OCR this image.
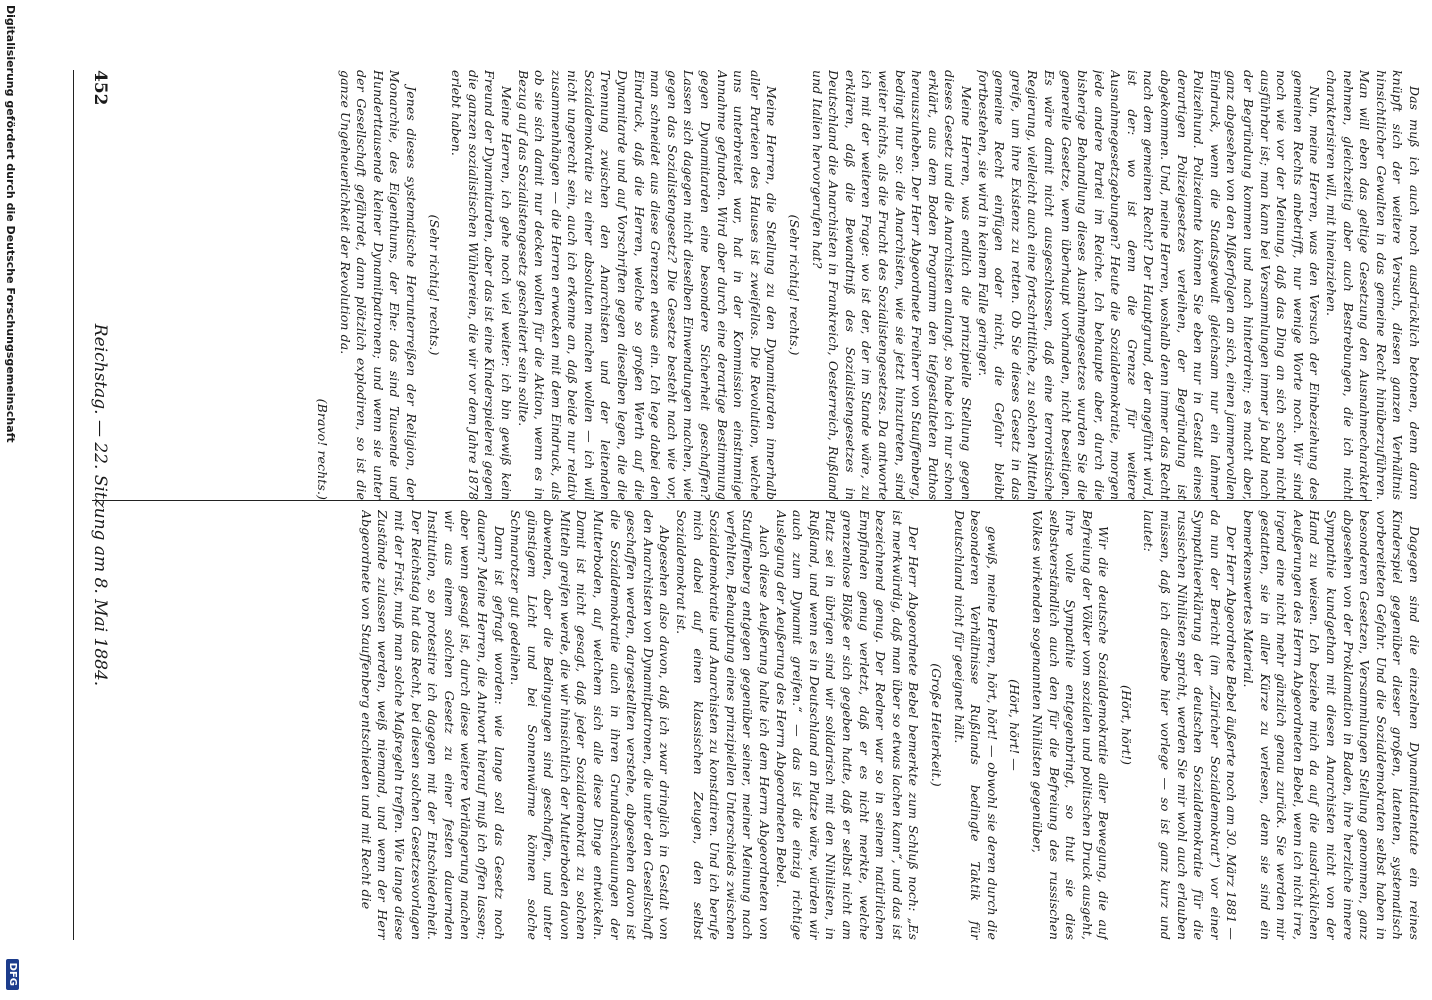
Das muß ich auch noch ausdrücklich betonen, denn daran knüpft sich der weitere Versuch, diesen ganzen Verhältnis hinsichtlicher Gewalten in das gemeine Recht hinüberzuführen. Man will eben das geltige Gesetzung den Ausnahmecharakter nehmen, gleichzeitig aber auch Bestrebungen, die ich nicht charakterisiren will, mit hineinziehen.

Nun, meine Herren, was den Versuch der Einbeziehung des gemeinen Rechts anbetrifft, nur wenige Worte noch. Wir sind noch wie vor der Meinung, daß das Ding an sich schon nicht ausführbar ist; man kann bei Versammlungen immer ja bald nach der Begründung kommen und nach hinterdrein; es macht aber, ganz abgesehen von den Mißerfolgen an sich, einen jammervollen Eindruck, wenn die Staatsgewalt gleichsam nur ein lahmer Polizeihund. Polizeiamte können Sie eben nur in Gestalt eines derartigen Polizeigesetzes verleihen, der Begründung ist abgekommen. Und, meine Herren, woshalb denn immer das Recht nach dem gemeinen Recht? Der Hauptgrund, der angeführt wird, ist der: wo ist denn die Grenze für weitere Ausnahmegesetzgebungen? Heute die Sozialdemokratie, morgen jede andere Partei im Reiche. Ich behaupte aber, durch die bisherige Behandlung dieses Ausnahmegesetzes wurden Sie die generelle Gesetze, wenn überhaupt vorhanden, nicht beseitigen. Es wäre damit nicht ausgeschlossen, daß eine terroristische Regierung, vielleicht auch eine fortschrittliche, zu solchen Mitteln greife, um ihre Existenz zu retten. Ob Sie dieses Gesetz in das gemeine Recht einfügen oder nicht, die Gefahr bleibt fortbestehen, sie wird in keinem Falle geringer.

Meine Herren, was endlich die prinzipielle Stellung gegen dieses Gesetz und die Anarchisten anlangt, so habe ich nur schon erklärt, aus dem Boden Programm den tiefgestalteten Pathos herauszuheben. Der Herr Abgeordnete Freiherr von Stauffenberg, bedingt nur so: die Anarchisten, wie sie jetzt hinzutreten, sind weiter nichts, als die Frucht des Sozialistengesetzes. Da antworte ich mit der weiteren Frage: wo ist der, der im Stande wäre, zu erklären, daß die Bewandtniß des Sozialistengesetzes in Deutschland die Anarchisten in Frankreich, Oesterreich, Rußland und Italien hervorgerufen hat?

(Sehr richtig! rechts.)

Meine Herren, die Stellung zu den Dynamitarden innerhalb aller Parteien des Hauses ist zweifellos. Die Revolution, welche uns unterbreitet war, hat in der Kommission einstimmige Annahme gefunden. Wird aber durch eine derartige Bestimmung gegen Dynamitarden eine besondere Sicherheit geschaffen? Lassen sich dagegen nicht dieselben Einwendungen machen, wie gegen das Sozialistengesetz? Die Gesetze besteht nach wie vor, man schneidet aus diese Grenzen etwas ein. Ich lege dabei den Eindruck, daß die Herren, welche so großen Werth auf die Dynamitarde und auf Vorschriften gegen dieselben legen, die die Trennung zwischen den Anarchisten und der leitenden Sozialdemokratie zu einer absoluten machen wollen — ich will nicht ungerecht sein, auch ich erkenne an, daß beide nur relativ zusammenhängen — die Herren erwecken mit dem Eindruck, als ob sie sich damit nur decken wollen für die Aktion, wenn es in Bezug auf das Sozialistengesetz gescheitert sein sollte.

Meine Herren, ich gehe noch viel weiter: ich bin gewiß kein Freund der Dynamitarden, aber das ist eine Kinderspielerei gegen die ganzen sozialistischen Wühlereien, die wir vor dem Jahre 1878 erlebt haben.

(Sehr richtig! rechts.)

Jenes dieses systematische Herunterreißen der Religion, der Monarchie, des Eigenthums, der Ehe: das sind Tausende und Hunderttausende kleiner Dynamitpatronen; und wenn sie unter der Gesellschaft gefährdet, dann plötzlich explodiren, so ist die ganze Ungeheuerlichkeit der Revolution da.

(Bravo! rechts.)

Dagegen sind die einzelnen Dynamitattentate ein reines Kinderspiel gegenüber dieser großen, latenten, systematisch vorbereiteten Gefahr. Und die Sozialdemokraten selbst haben in besonderen Gesetzen, Versammlungen Stellung genommen, ganz abgesehen von der Proklamation in Baden, ihre herzliche innere Sympathie kundgethan mit diesen Anarchisten nicht von der Hand zu weisen. Ich beziehe mich da auf die ausdrücklichen Aeußerungen des Herrn Abgeordneten Bebel, wenn ich nicht irre, irgend eine nicht mehr gänzlich genau zurück. Sie werden mir gestatten, sie in aller Kürze zu verlesen, denn sie sind ein bemerkenswertes Material.

Der Herr Abgeordnete Bebel äußerte noch am 30. März 1881 — da nun der Bericht (im „Züricher Sozialdemokrat“) vor einer Sympathieerklärung der deutschen Sozialdemokratie für die russischen Nihilisten spricht, werden Sie mir wohl auch erlauben müssen, daß ich dieselbe hier vorlege — so ist ganz kurz und lautet:

(Hört, hört!)

Wir die deutsche Sozialdemokratie aller Bewegung, die auf Befreiung der Völker vom sozialen und politischen Druck ausgeht, ihre volle Sympathie entgegenbringt, so thut sie dies selbstverständlich auch den für die Befreiung des russischen Volkes wirkenden sogenannten Nihilisten gegenüber,

(Hört, hört! —

gewiß, meine Herren, hört, hört! — obwohl sie deren durch die besonderen Verhältnisse Rußlands bedingte Taktik für Deutschland nicht für geeignet hält.

(Große Heiterkeit.)

Der Herr Abgeordnete Bebel bemerkte zum Schluß noch: „Es ist merkwürdig, daß man über so etwas lachen kann“, und das ist bezeichnend genug. Der Redner war so in seinem natürlichen Empfinden genug verletzt, daß er es nicht merkte, welche grenzenlose Blöße er sich gegeben hatte, daß er selbst nicht am Platz sei in übrigen sind wir solidarisch mit den Nihilisten, in Rußland, und wenn es in Deutschland an Platze wäre, würden wir auch zum Dynamit greifen.“ — das ist die einzig richtige Auslegung der Aeußerung des Herrn Abgeordneten Bebel.

Auch diese Aeußerung halte ich dem Herrn Abgeordneten von Stauffenberg entgegen gegenüber seiner, meiner Meinung nach verfehlten, Behauptung eines prinzipiellen Unterschieds zwischen Sozialdemokratie und Anarchisten zu konstatiren. Und ich berufe mich dabei auf einen klassischen Zeugen, den selbst Sozialdemokrat ist.

Abgesehen also davon, daß ich zwar dringlich in Gestalt von den Anarchisten von Dynamitpatronen, die unter den Gesellschaft geschaffen werden, dargestellten verstehe, abgesehen davon ist die Sozialdemokratie auch in ihren Grundanschauungen der Mutterboden, auf welchem sich alle diese Dinge entwickeln. Damit ist nicht gesagt, daß jeder Sozialdemokrat zu solchen Mitteln greifen werde, die wir hinsichtlich der Mutterboden davon abwenden, aber die Bedingungen sind geschaffen, und unter günstigem Licht und bei Sonnenwärme können solche Schmarotzer gut gedeihen.

Dann ist gefragt worden: wie lange soll das Gesetz noch dauern? Meine Herren, die Antwort hierauf muß ich offen lassen; aber wenn gesagt ist, durch diese weitere Verlängerung machen wir aus einem solchen Gesetz zu einer festen dauernden Institution, so protestire ich dagegen mit der Entschiedenheit. Der Reichstag hat das Recht, bei diesen solchen Gesetzesvorlagen mit der Frist, muß man solche Maßregeln treffen. Wie lange diese Zustände zulassen werden, weiß niemand, und wenn der Herr Abgeordnete von Stauffenberg entschieden und mit Recht die

452
Reichstag. — 22. Sitzung am 8. Mai 1884.
Digitalisierung gefördert durch die Deutsche Forschungsgemeinschaft
DFG
